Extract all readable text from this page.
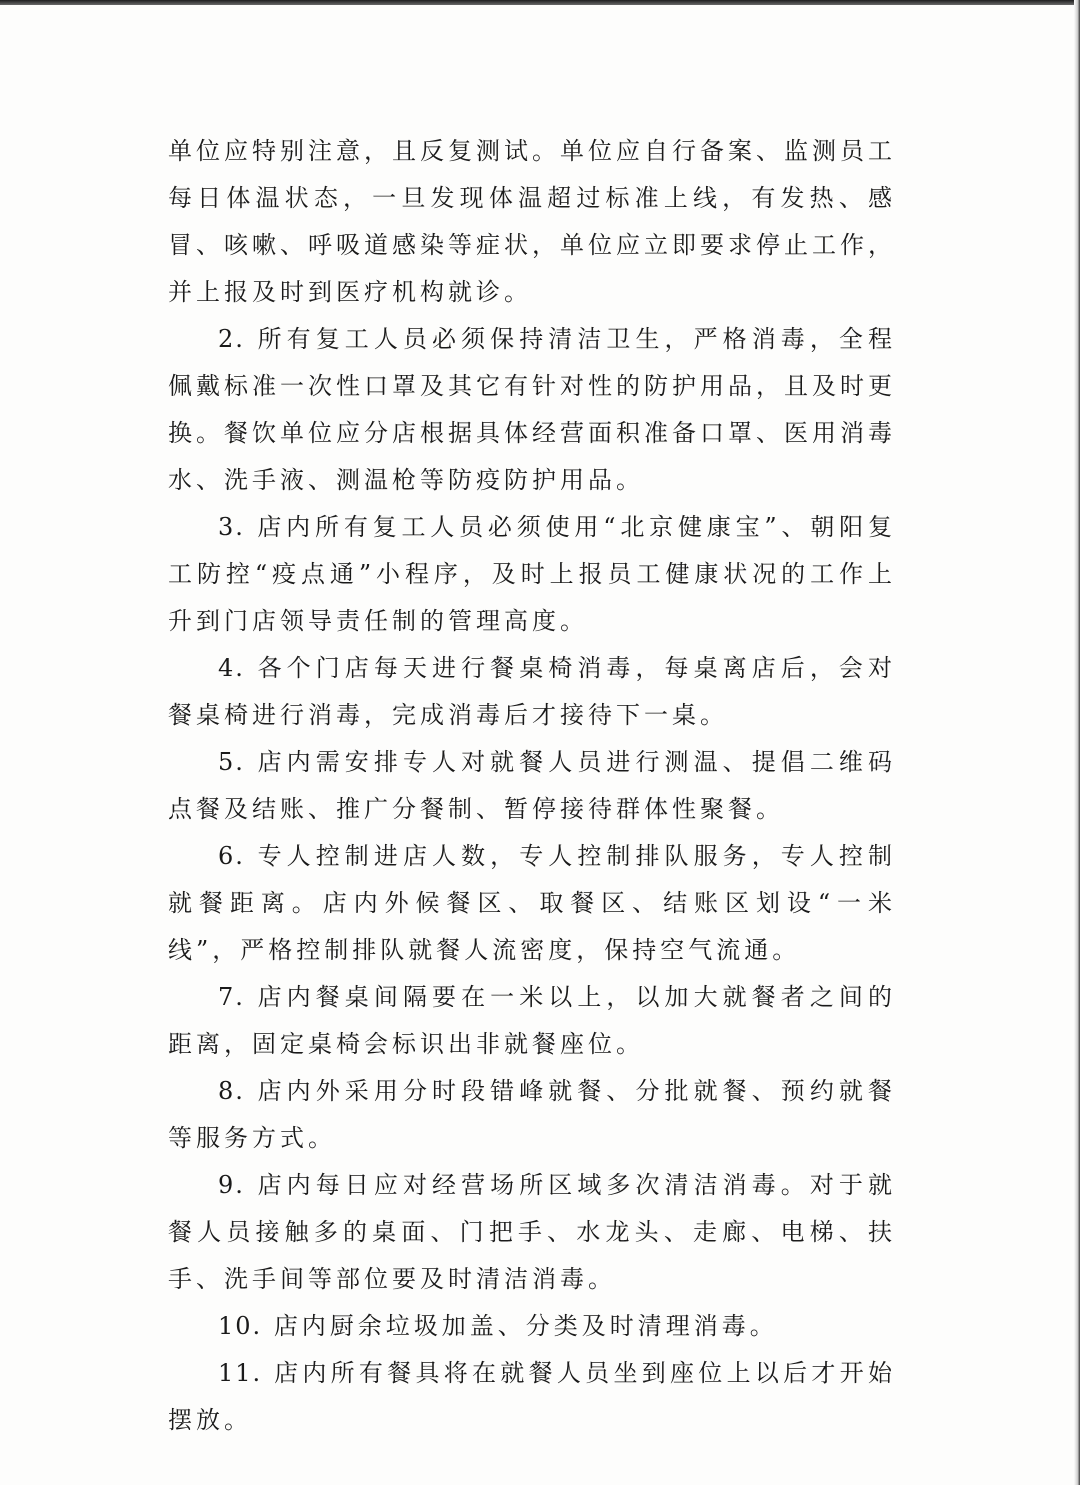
单位应特别注意，且反复测试。单位应自行备案、监测员工每日体温状态，一旦发现体温超过标准上线，有发热、感冒、咳嗽、呼吸道感染等症状，单位应立即要求停止工作，并上报及时到医疗机构就诊。

2. 所有复工人员必须保持清洁卫生，严格消毒，全程佩戴标准一次性口罩及其它有针对性的防护用品，且及时更换。餐饮单位应分店根据具体经营面积准备口罩、医用消毒水、洗手液、测温枪等防疫防护用品。

3. 店内所有复工人员必须使用“北京健康宝”、朝阳复工防控“疫点通”小程序，及时上报员工健康状况的工作上升到门店领导责任制的管理高度。

4. 各个门店每天进行餐桌椅消毒，每桌离店后，会对餐桌椅进行消毒，完成消毒后才接待下一桌。

5. 店内需安排专人对就餐人员进行测温、提倡二维码点餐及结账、推广分餐制、暂停接待群体性聚餐。

6. 专人控制进店人数，专人控制排队服务，专人控制就餐距离。店内外候餐区、取餐区、结账区划设“一米线”，严格控制排队就餐人流密度，保持空气流通。

7. 店内餐桌间隔要在一米以上，以加大就餐者之间的距离，固定桌椅会标识出非就餐座位。

8. 店内外采用分时段错峰就餐、分批就餐、预约就餐等服务方式。

9. 店内每日应对经营场所区域多次清洁消毒。对于就餐人员接触多的桌面、门把手、水龙头、走廊、电梯、扶手、洗手间等部位要及时清洁消毒。

10. 店内厨余垃圾加盖、分类及时清理消毒。

11. 店内所有餐具将在就餐人员坐到座位上以后才开始摆放。
